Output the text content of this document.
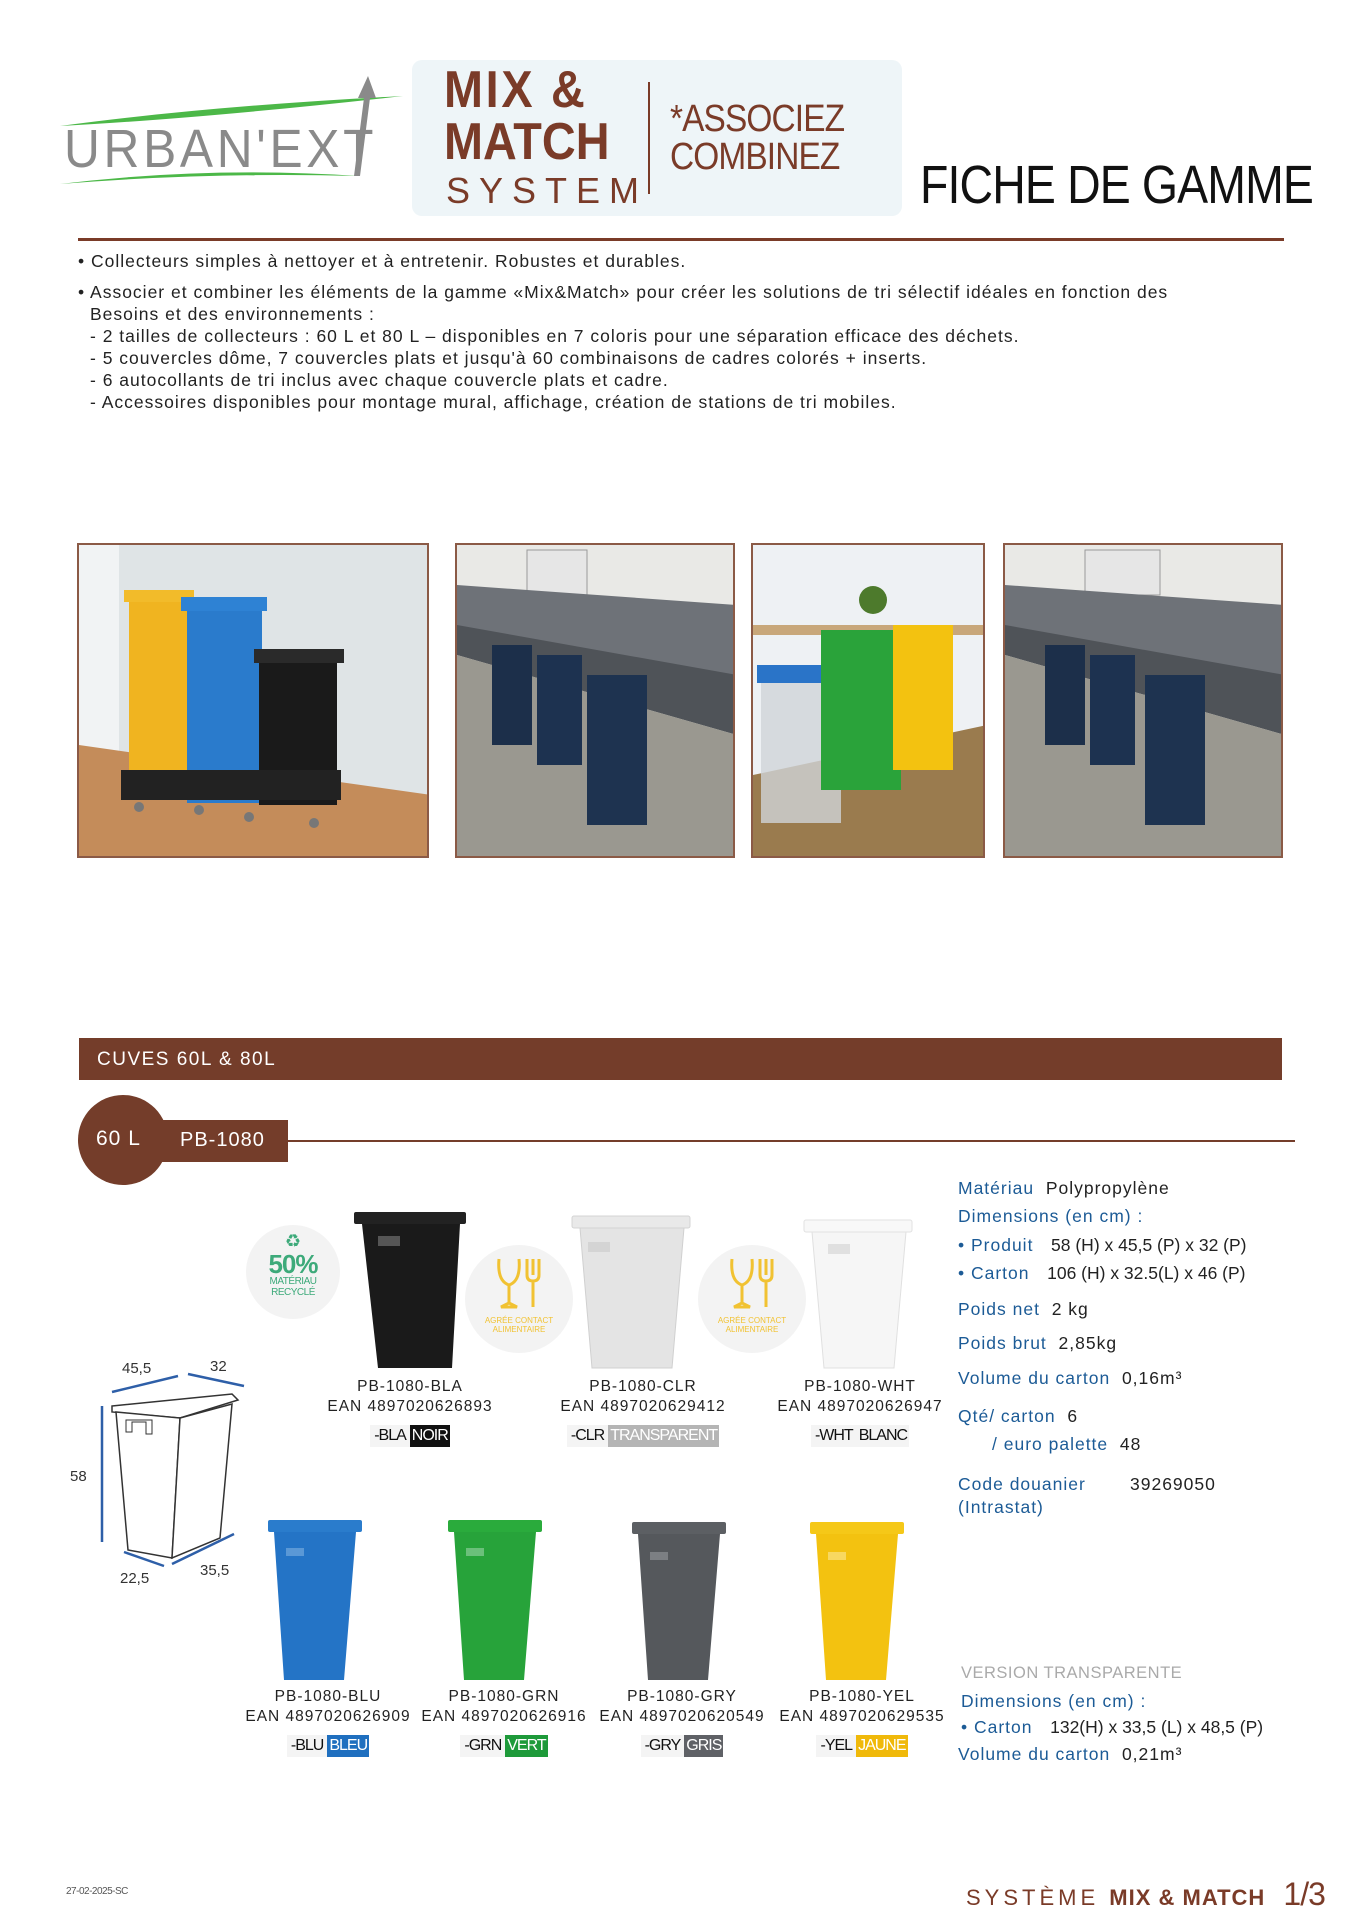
URBAN'EXT
MIX &
MATCH
SYSTEM
*ASSOCIEZ
COMBINEZ FICHE DE GAMME

• Collecteurs simples à nettoyer et à entretenir. Robustes et durables.

• Associer et combiner les éléments de la gamme «Mix&Match» pour créer les solutions de tri sélectif idéales en fonction des

Besoins et des environnements :

- 2 tailles de collecteurs : 60 L et 80 L – disponibles en 7 coloris pour une séparation efficace des déchets.

- 5 couvercles dôme, 7 couvercles plats et jusqu'à 60 combinaisons de cadres colorés + inserts.

- 6 autocollants de tri inclus avec chaque couvercle plats et cadre.

- Accessoires disponibles pour montage mural, affichage, création de stations de tri mobiles.

CUVES 60L & 80L
60 L PB-1080
♻
50%
MATÉRIAU
RECYCLÉ
AGRÉE CONTACT
ALIMENTAIRE
AGRÉE CONTACT
ALIMENTAIRE
45,5	32
58
22,5	35,5
PB-1080-BLA
EAN 4897020626893
-BLA NOIR
PB-1080-CLR
EAN 4897020629412
-CLR TRANSPARENT
PB-1080-WHT
EAN 4897020626947
-WHT BLANC
PB-1080-BLU
EAN 4897020626909
-BLU BLEU
PB-1080-GRN
EAN 4897020626916
-GRN VERT
PB-1080-GRY
EAN 4897020620549
-GRY GRIS
PB-1080-YEL
EAN 4897020629535
-YEL JAUNE
Matériau Polypropylène
Dimensions (en cm) :
• Produit 58 (H) x 45,5 (P) x 32 (P)
• Carton 106 (H) x 32.5(L) x 46 (P)
Poids net 2 kg
Poids brut 2,85kg
Volume du carton 0,16m³
Qté/ carton 6
/ euro palette 48
Code douanier	39269050
(Intrastat)
VERSION TRANSPARENTE
Dimensions (en cm) :
• Carton 132(H) x 33,5 (L) x 48,5 (P)
Volume du carton 0,21m³
27-02-2025-SC	SYSTÈME MIX & MATCH 1/3
